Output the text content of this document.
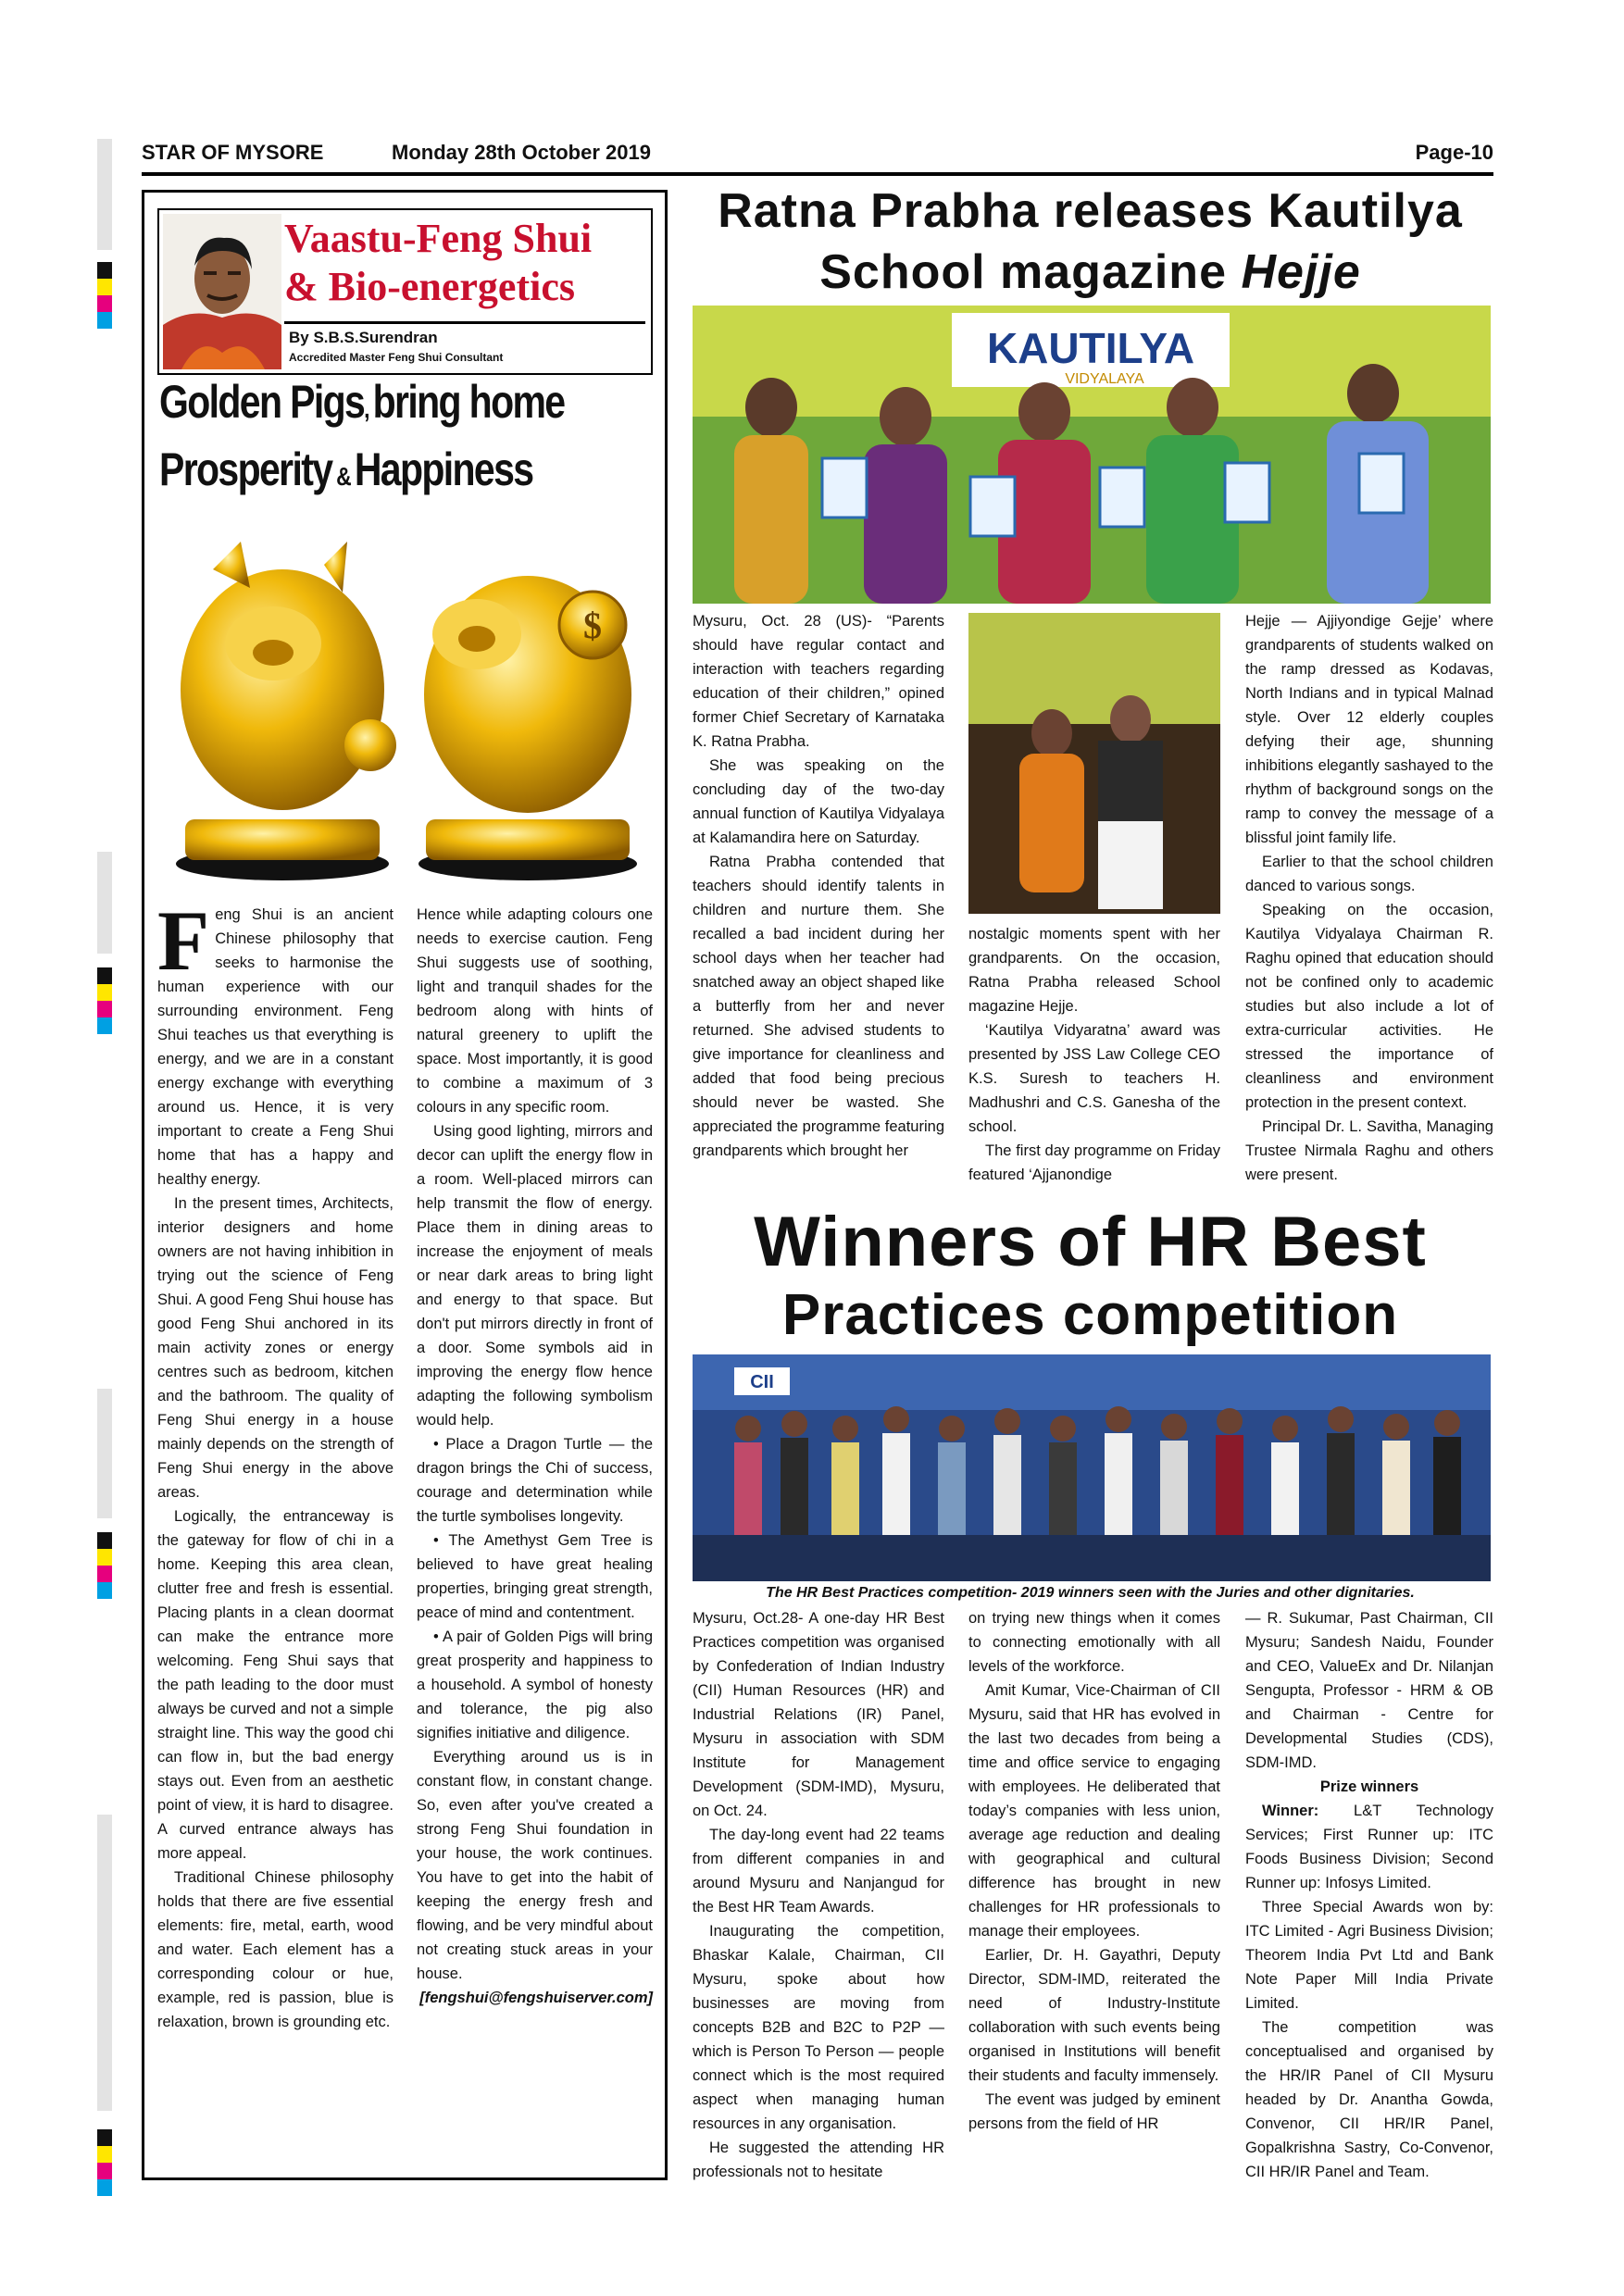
STAR OF MYSORE	Monday 28th October 2019	Page-10
Vaastu-Feng Shui
& Bio-energetics
By S.B.S.Surendran
Accredited Master Feng Shui Consultant
Golden Pigs, bring home
Prosperity & Happiness
$

Feng Shui is an ancient Chinese philosophy that seeks to harmonise the human experience with our surrounding environment. Feng Shui teaches us that everything is energy, and we are in a constant energy exchange with everything around us. Hence, it is very important to create a Feng Shui home that has a happy and healthy energy.

In the present times, Architects, interior designers and home owners are not having inhibition in trying out the science of Feng Shui. A good Feng Shui house has good Feng Shui anchored in its main activity zones or energy centres such as bedroom, kitchen and the bathroom. The quality of Feng Shui energy in a house mainly depends on the strength of Feng Shui energy in the above areas.

Logically, the entranceway is the gateway for flow of chi in a home. Keeping this area clean, clutter free and fresh is essential. Placing plants in a clean doormat can make the entrance more welcoming. Feng Shui says that the path leading to the door must always be curved and not a simple straight line. This way the good chi can flow in, but the bad energy stays out. Even from an aesthetic point of view, it is hard to disagree. A curved entrance always has more appeal.

Traditional Chinese philosophy holds that there are five essential elements: fire, metal, earth, wood and water. Each element has a corresponding colour or hue, example, red is passion, blue is relaxation, brown is grounding etc.

Hence while adapting colours one needs to exercise caution. Feng Shui suggests use of soothing, light and tranquil shades for the bedroom along with hints of natural greenery to uplift the space. Most importantly, it is good to combine a maximum of 3 colours in any specific room.

Using good lighting, mirrors and decor can uplift the energy flow in a room. Well-placed mirrors can help transmit the flow of energy. Place them in dining areas to increase the enjoyment of meals or near dark areas to bring light and energy to that space. But don't put mirrors directly in front of a door. Some symbols aid in improving the energy flow hence adapting the following symbolism would help.

• Place a Dragon Turtle — the dragon brings the Chi of success, courage and determination while the turtle symbolises longevity.

• The Amethyst Gem Tree is believed to have great healing properties, bringing great strength, peace of mind and contentment.

• A pair of Golden Pigs will bring great prosperity and happiness to a household. A symbol of honesty and tolerance, the pig also signifies initiative and diligence.

Everything around us is in constant flow, in constant change. So, even after you've created a strong Feng Shui foundation in your house, the work continues. You have to get into the habit of keeping the energy fresh and flowing, and be very mindful about not creating stuck areas in your house.

[fengshui@fengshuiserver.com]

Ratna Prabha releases Kautilya
School magazine Hejje
KAUTILYA
VIDYALAYA

Mysuru, Oct. 28 (US)- “Parents should have regular contact and interaction with teachers regarding education of their children,” opined former Chief Secretary of Karnataka K. Ratna Prabha.

She was speaking on the concluding day of the two-day annual function of Kautilya Vidyalaya at Kalamandira here on Saturday.

Ratna Prabha contended that teachers should identify talents in children and nurture them. She recalled a bad incident during her school days when her teacher had snatched away an object shaped like a butterfly from her and never returned. She advised students to give importance for cleanliness and added that food being precious should never be wasted. She appreciated the programme featuring grandparents which brought her

nostalgic moments spent with her grandparents. On the occasion, Ratna Prabha released School magazine Hejje.

‘Kautilya Vidyaratna’ award was presented by JSS Law College CEO K.S. Suresh to teachers H. Madhushri and C.S. Ganesha of the school.

The first day programme on Friday featured ‘Ajjanondige

Hejje — Ajjiyondige Gejje’ where grandparents of students walked on the ramp dressed as Kodavas, North Indians and in typical Malnad style. Over 12 elderly couples defying their age, shunning inhibitions elegantly sashayed to the rhythm of background songs on the ramp to convey the message of a blissful joint family life.

Earlier to that the school children danced to various songs.

Speaking on the occasion, Kautilya Vidyalaya Chairman R. Raghu opined that education should not be confined only to academic studies but also include a lot of extra-curricular activities. He stressed the importance of cleanliness and environment protection in the present context.

Principal Dr. L. Savitha, Managing Trustee Nirmala Raghu and others were present.

Winners of HR Best
Practices competition
CII
The HR Best Practices competition- 2019 winners seen with the Juries and other dignitaries.

Mysuru, Oct.28- A one-day HR Best Practices competition was organised by Confederation of Indian Industry (CII) Human Resources (HR) and Industrial Relations (IR) Panel, Mysuru in association with SDM Institute for Management Development (SDM-IMD), Mysuru, on Oct. 24.

The day-long event had 22 teams from different companies in and around Mysuru and Nanjangud for the Best HR Team Awards.

Inaugurating the competition, Bhaskar Kalale, Chairman, CII Mysuru, spoke about how businesses are moving from concepts B2B and B2C to P2P — which is Person To Person — people connect which is the most required aspect when managing human resources in any organisation.

He suggested the attending HR professionals not to hesitate

on trying new things when it comes to connecting emotionally with all levels of the workforce.

Amit Kumar, Vice-Chairman of CII Mysuru, said that HR has evolved in the last two decades from being a time and office service to engaging with employees. He deliberated that today’s companies with less union, average age reduction and dealing with geographical and cultural difference has brought in new challenges for HR professionals to manage their employees.

Earlier, Dr. H. Gayathri, Deputy Director, SDM-IMD, reiterated the need of Industry-Institute collaboration with such events being organised in Institutions will benefit their students and faculty immensely.

The event was judged by eminent persons from the field of HR

— R. Sukumar, Past Chairman, CII Mysuru; Sandesh Naidu, Founder and CEO, ValueEx and Dr. Nilanjan Sengupta, Professor - HRM & OB and Chairman - Centre for Developmental Studies (CDS), SDM-IMD.

Prize winners

Winner: L&T Technology Services; First Runner up: ITC Foods Business Division; Second Runner up: Infosys Limited.

Three Special Awards won by: ITC Limited - Agri Business Division; Theorem India Pvt Ltd and Bank Note Paper Mill India Private Limited.

The competition was conceptualised and organised by the HR/IR Panel of CII Mysuru headed by Dr. Anantha Gowda, Convenor, CII HR/IR Panel, Gopalkrishna Sastry, Co-Convenor, CII HR/IR Panel and Team.
